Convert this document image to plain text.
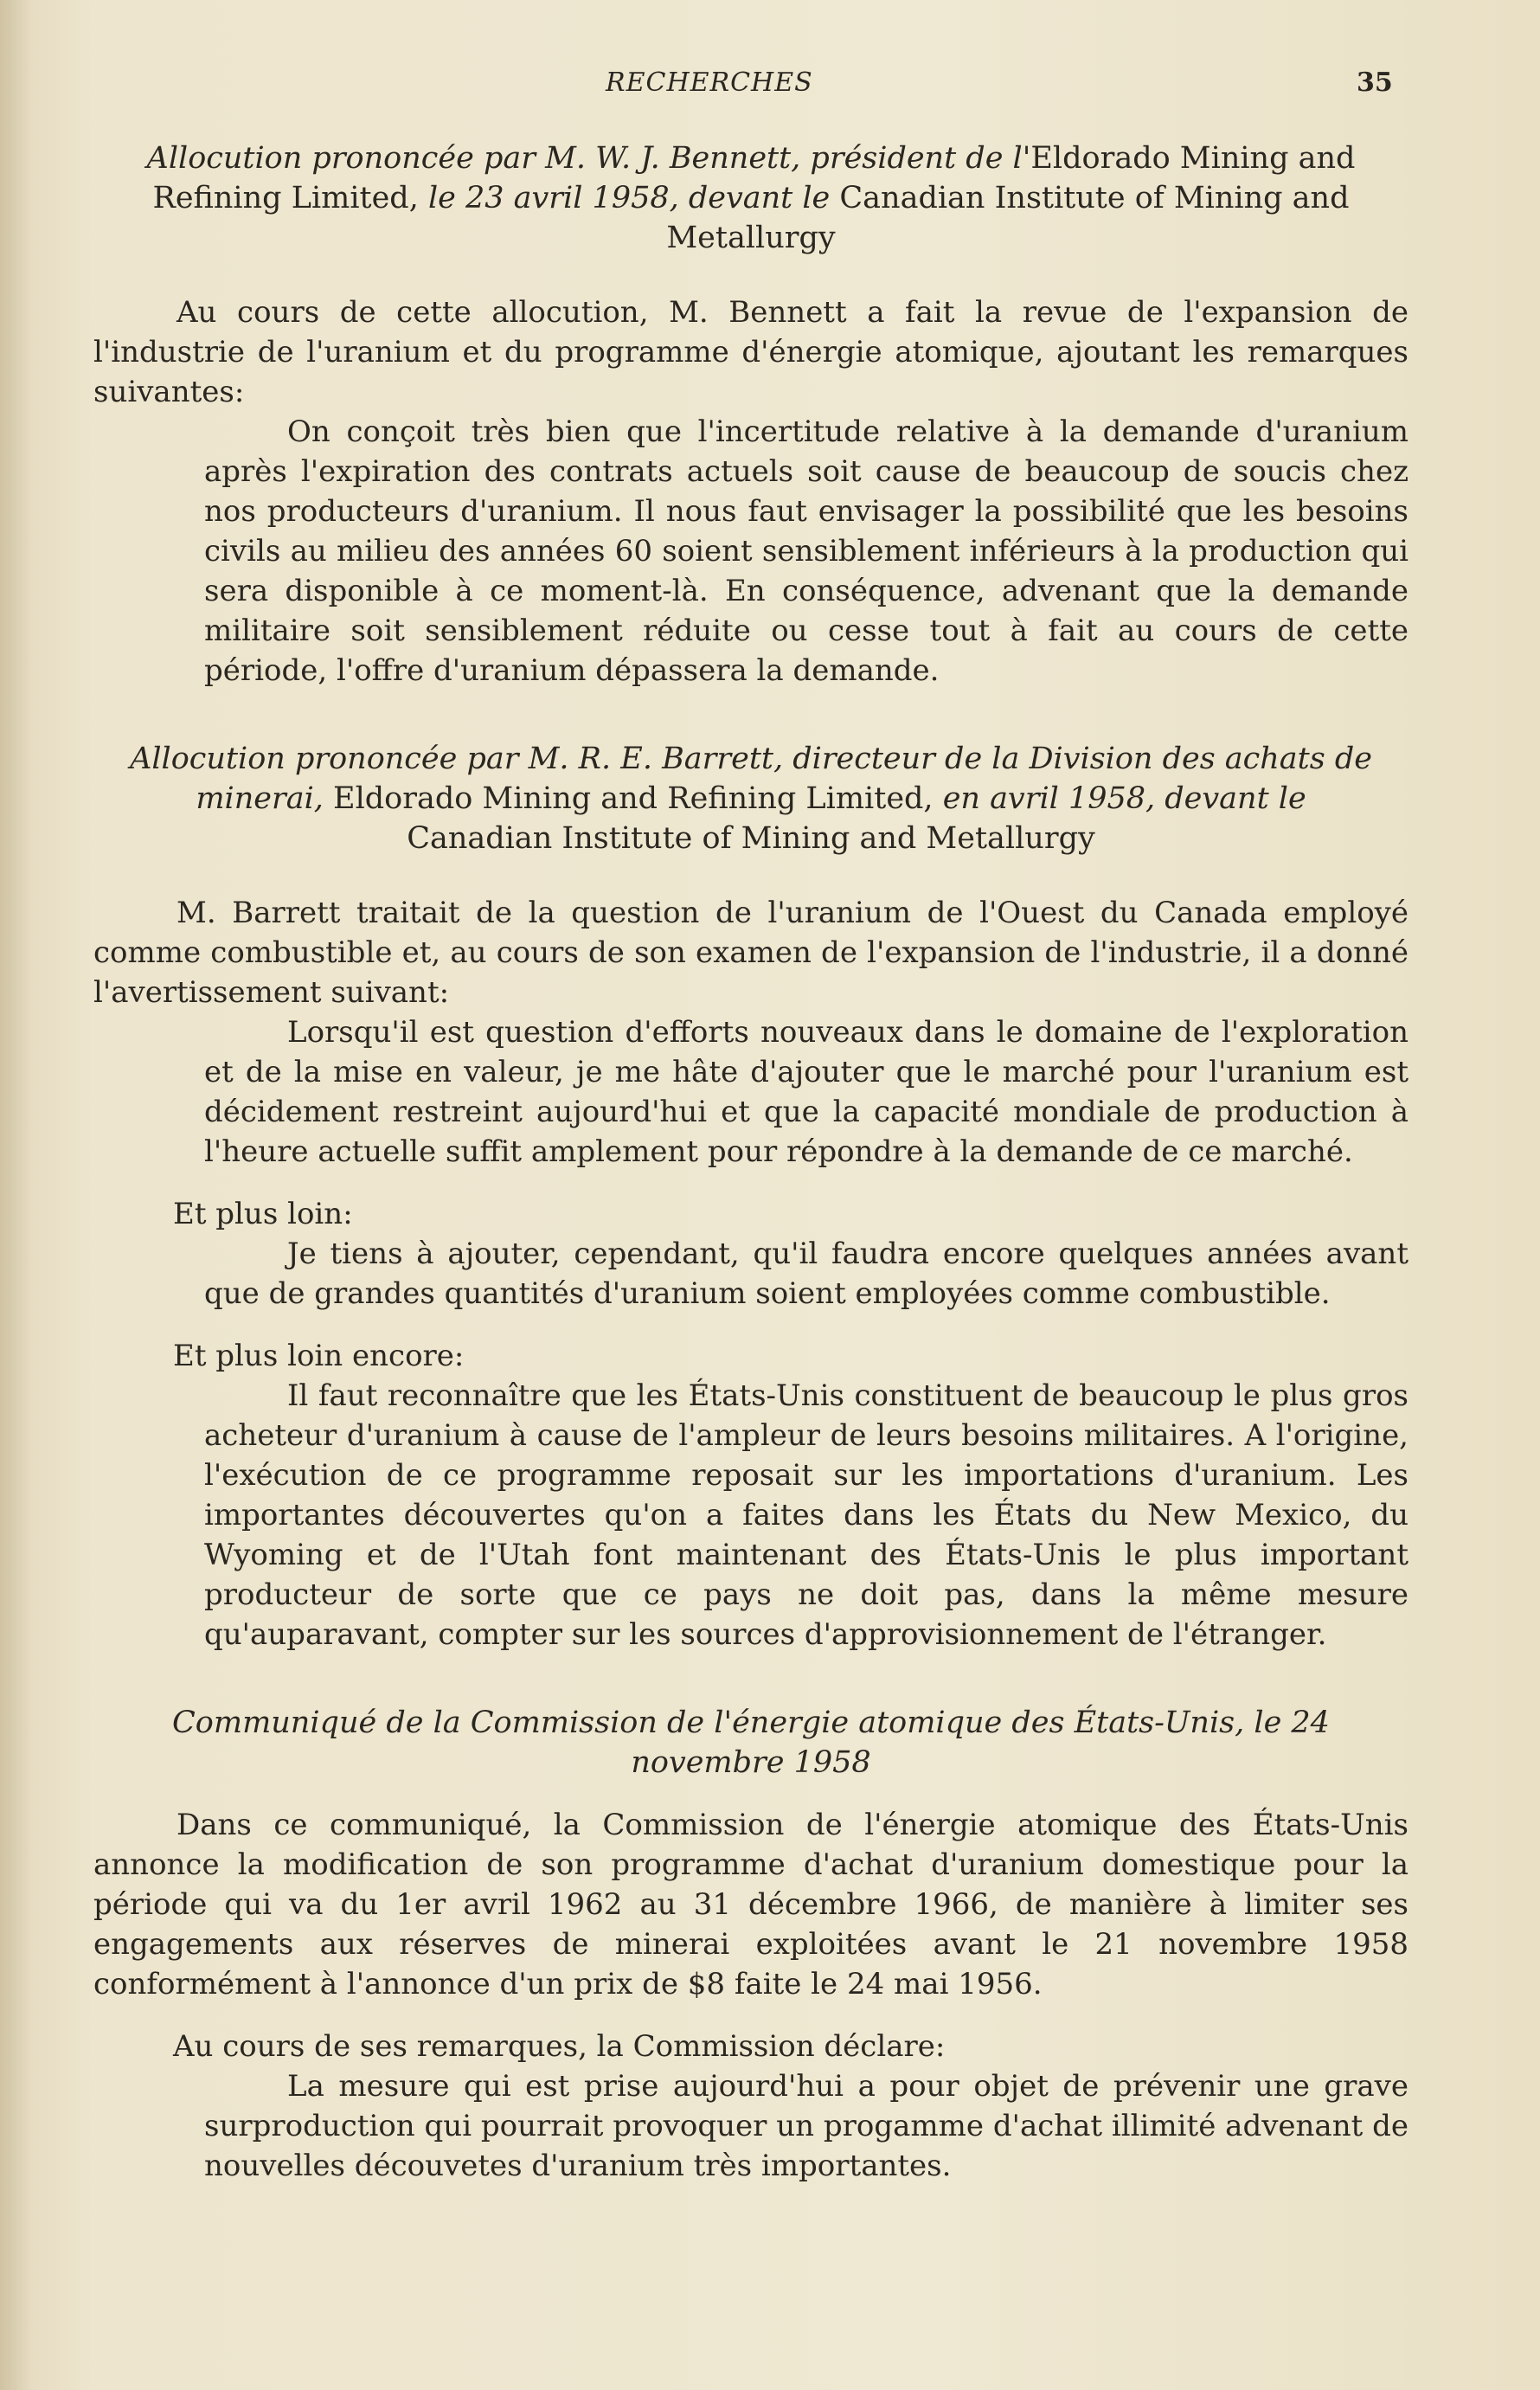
RECHERCHES	35
Allocution prononcée par M. W. J. Bennett, président de l'Eldorado Mining and Refining Limited, le 23 avril 1958, devant le Canadian Institute of Mining and Metallurgy

Au cours de cette allocution, M. Bennett a fait la revue de l'expansion de l'industrie de l'uranium et du programme d'énergie atomique, ajoutant les remarques suivantes:

On conçoit très bien que l'incertitude relative à la demande d'uranium après l'expiration des contrats actuels soit cause de beaucoup de soucis chez nos producteurs d'uranium. Il nous faut envisager la possibilité que les besoins civils au milieu des années 60 soient sensiblement inférieurs à la production qui sera disponible à ce moment-là. En conséquence, advenant que la demande militaire soit sensiblement réduite ou cesse tout à fait au cours de cette période, l'offre d'uranium dépassera la demande.

Allocution prononcée par M. R. E. Barrett, directeur de la Division des achats de minerai, Eldorado Mining and Refining Limited, en avril 1958, devant le Canadian Institute of Mining and Metallurgy

M. Barrett traitait de la question de l'uranium de l'Ouest du Canada employé comme combustible et, au cours de son examen de l'expansion de l'industrie, il a donné l'avertissement suivant:

Lorsqu'il est question d'efforts nouveaux dans le domaine de l'exploration et de la mise en valeur, je me hâte d'ajouter que le marché pour l'uranium est décidement restreint aujourd'hui et que la capacité mondiale de production à l'heure actuelle suffit amplement pour répondre à la demande de ce marché.

Et plus loin:

Je tiens à ajouter, cependant, qu'il faudra encore quelques années avant que de grandes quantités d'uranium soient employées comme combustible.

Et plus loin encore:

Il faut reconnaître que les États-Unis constituent de beaucoup le plus gros acheteur d'uranium à cause de l'ampleur de leurs besoins militaires. A l'origine, l'exécution de ce programme reposait sur les importations d'uranium. Les importantes découvertes qu'on a faites dans les États du New Mexico, du Wyoming et de l'Utah font maintenant des États-Unis le plus important producteur de sorte que ce pays ne doit pas, dans la même mesure qu'auparavant, compter sur les sources d'approvisionnement de l'étranger.

Communiqué de la Commission de l'énergie atomique des États-Unis, le 24 novembre 1958

Dans ce communiqué, la Commission de l'énergie atomique des États-Unis annonce la modification de son programme d'achat d'uranium domestique pour la période qui va du 1er avril 1962 au 31 décembre 1966, de manière à limiter ses engagements aux réserves de minerai exploitées avant le 21 novembre 1958 conformément à l'annonce d'un prix de $8 faite le 24 mai 1956.

Au cours de ses remarques, la Commission déclare:

La mesure qui est prise aujourd'hui a pour objet de prévenir une grave surproduction qui pourrait provoquer un progamme d'achat illimité advenant de nouvelles découvetes d'uranium très importantes.
